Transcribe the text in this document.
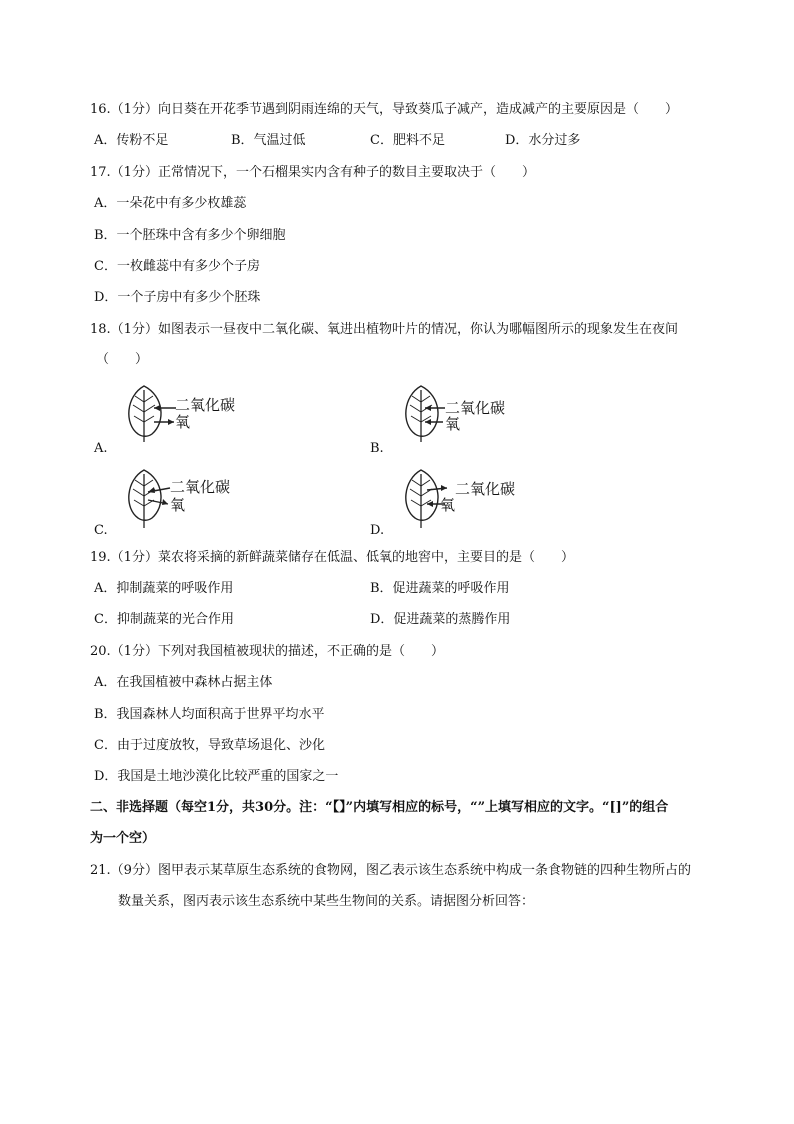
16.（1分）向日葵在开花季节遇到阴雨连绵的天气，导致葵瓜子减产，造成减产的主要原因是（　　）
A．传粉不足	B．气温过低	C．肥料不足	D．水分过多
17.（1分）正常情况下，一个石榴果实内含有种子的数目主要取决于（　　）
A．一朵花中有多少枚雄蕊
B．一个胚珠中含有多少个卵细胞
C．一枚雌蕊中有多少个子房
D．一个子房中有多少个胚珠
18.（1分）如图表示一昼夜中二氧化碳、氧进出植物叶片的情况，你认为哪幅图所示的现象发生在夜间
（　　）
二氧化碳
氧
A.
二氧化碳
氧
B.
二氧化碳
氧
C.
二氧化碳
氧
D.
19.（1分）菜农将采摘的新鲜蔬菜储存在低温、低氧的地窖中，主要目的是（　　）
A．抑制蔬菜的呼吸作用	B．促进蔬菜的呼吸作用
C．抑制蔬菜的光合作用	D．促进蔬菜的蒸腾作用
20.（1分）下列对我国植被现状的描述，不正确的是（　　）
A．在我国植被中森林占据主体
B．我国森林人均面积高于世界平均水平
C．由于过度放牧，导致草场退化、沙化
D．我国是土地沙漠化比较严重的国家之一
二、非选择题（每空1分，共30分。注：“【】”内填写相应的标号，“”上填写相应的文字。“[]”的组合
为一个空）
21.（9分）图甲表示某草原生态系统的食物网，图乙表示该生态系统中构成一条食物链的四种生物所占的
数量关系，图丙表示该生态系统中某些生物间的关系。请据图分析回答：
